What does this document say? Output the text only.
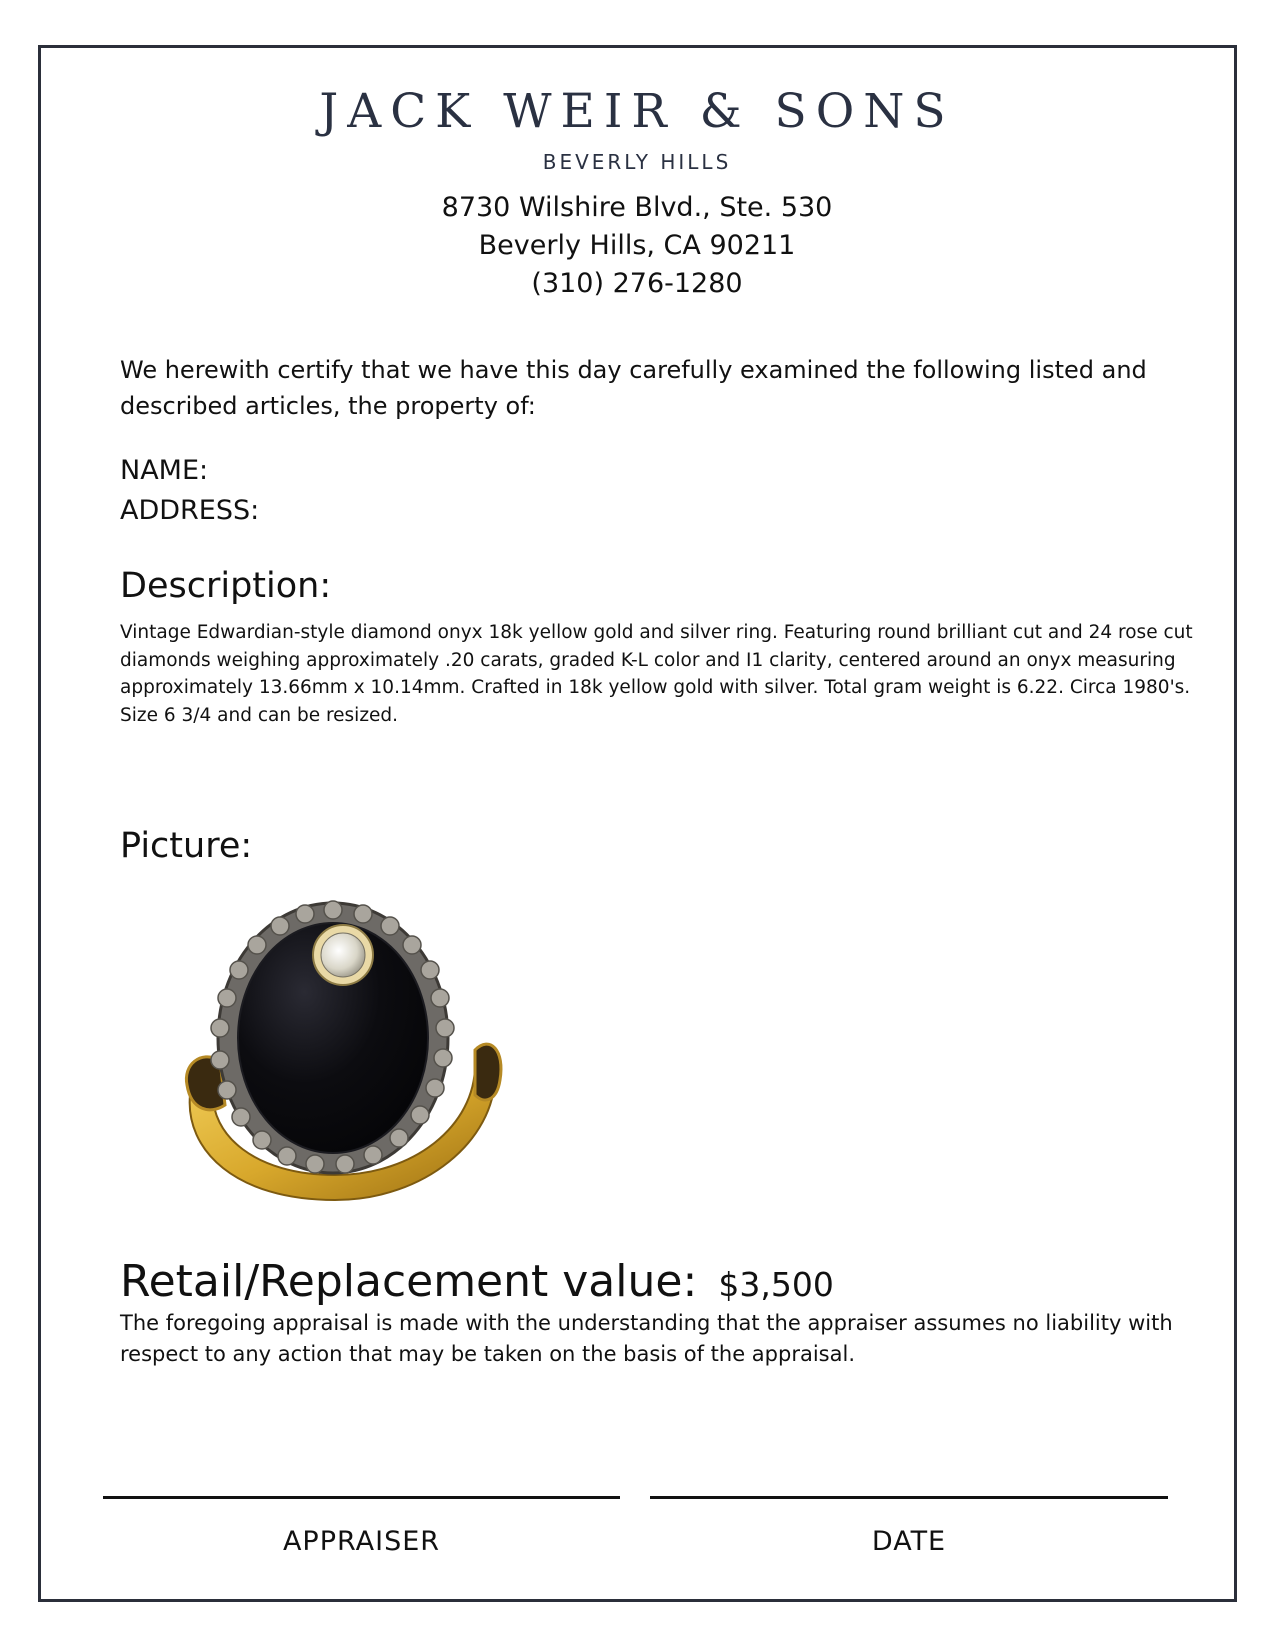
JACK WEIR & SONS
BEVERLY HILLS
8730 Wilshire Blvd., Ste. 530
Beverly Hills, CA 90211
(310) 276-1280
We herewith certify that we have this day carefully examined the following listed and described articles, the property of:
NAME:
ADDRESS:
Description:
Vintage Edwardian-style diamond onyx 18k yellow gold and silver ring. Featuring round brilliant cut and 24 rose cut diamonds weighing approximately .20 carats, graded K-L color and I1 clarity, centered around an onyx measuring approximately 13.66mm x 10.14mm. Crafted in 18k yellow gold with silver. Total gram weight is 6.22. Circa 1980's. Size 6 3/4 and can be resized.
Picture:
Retail/Replacement value: $3,500
The foregoing appraisal is made with the understanding that the appraiser assumes no liability with respect to any action that may be taken on the basis of the appraisal.
APPRAISER	DATE
